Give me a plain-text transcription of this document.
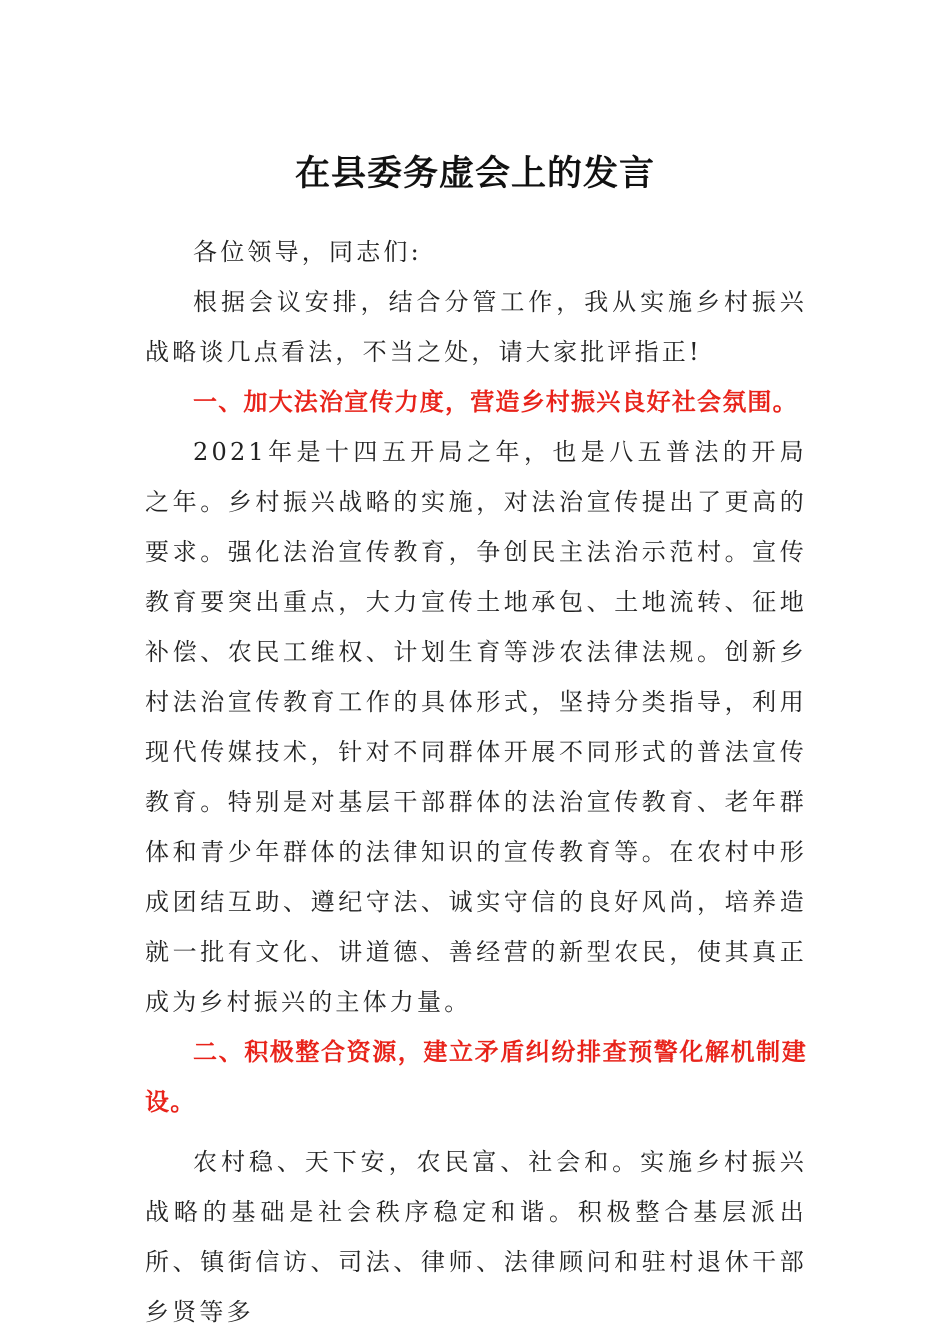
在县委务虚会上的发言

各位领导，同志们:

根据会议安排，结合分管工作，我从实施乡村振兴战略谈几点看法，不当之处，请大家批评指正!

一、加大法治宣传力度，营造乡村振兴良好社会氛围。

2021年是十四五开局之年，也是八五普法的开局之年。乡村振兴战略的实施，对法治宣传提出了更高的要求。强化法治宣传教育，争创民主法治示范村。宣传教育要突出重点，大力宣传土地承包、土地流转、征地补偿、农民工维权、计划生育等涉农法律法规。创新乡村法治宣传教育工作的具体形式，坚持分类指导，利用现代传媒技术，针对不同群体开展不同形式的普法宣传教育。特别是对基层干部群体的法治宣传教育、老年群体和青少年群体的法律知识的宣传教育等。在农村中形成团结互助、遵纪守法、诚实守信的良好风尚，培养造就一批有文化、讲道德、善经营的新型农民，使其真正成为乡村振兴的主体力量。

二、积极整合资源，建立矛盾纠纷排查预警化解机制建设。

农村稳、天下安，农民富、社会和。实施乡村振兴战略的基础是社会秩序稳定和谐。积极整合基层派出所、镇街信访、司法、律师、法律顾问和驻村退休干部乡贤等多
